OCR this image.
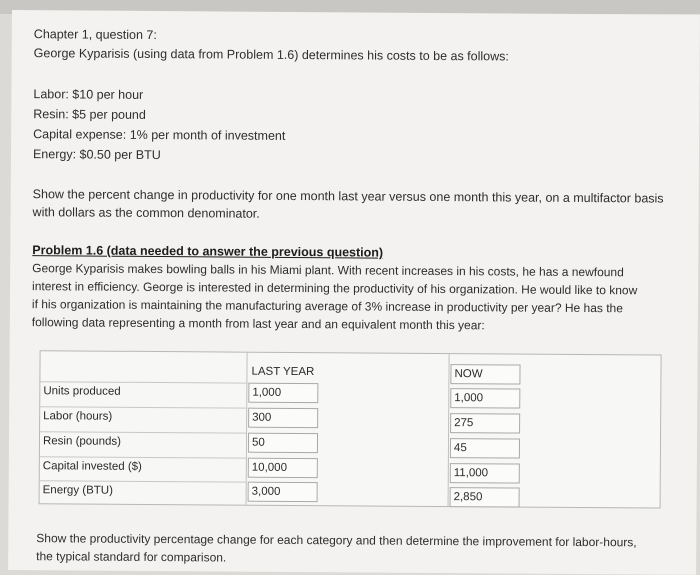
Chapter 1, question 7:
George Kyparisis (using data from Problem 1.6) determines his costs to be as follows:
Labor: $10 per hour
Resin: $5 per pound
Capital expense: 1% per month of investment
Energy: $0.50 per BTU
Show the percent change in productivity for one month last year versus one month this year, on a multifactor basis
with dollars as the common denominator.
Problem 1.6 (data needed to answer the previous question)
George Kyparisis makes bowling balls in his Miami plant. With recent increases in his costs, he has a newfound
interest in efficiency. George is interested in determining the productivity of his organization. He would like to know
if his organization is maintaining the manufacturing average of 3% increase in productivity per year? He has the
following data representing a month from last year and an equivalent month this year:
Units produced
Labor (hours)
Resin (pounds)
Capital invested ($)
Energy (BTU)
LAST YEAR
1,000
300
50
10,000
3,000
NOW
1,000
275
45
11,000
2,850
Show the productivity percentage change for each category and then determine the improvement for labor-hours,
the typical standard for comparison.
